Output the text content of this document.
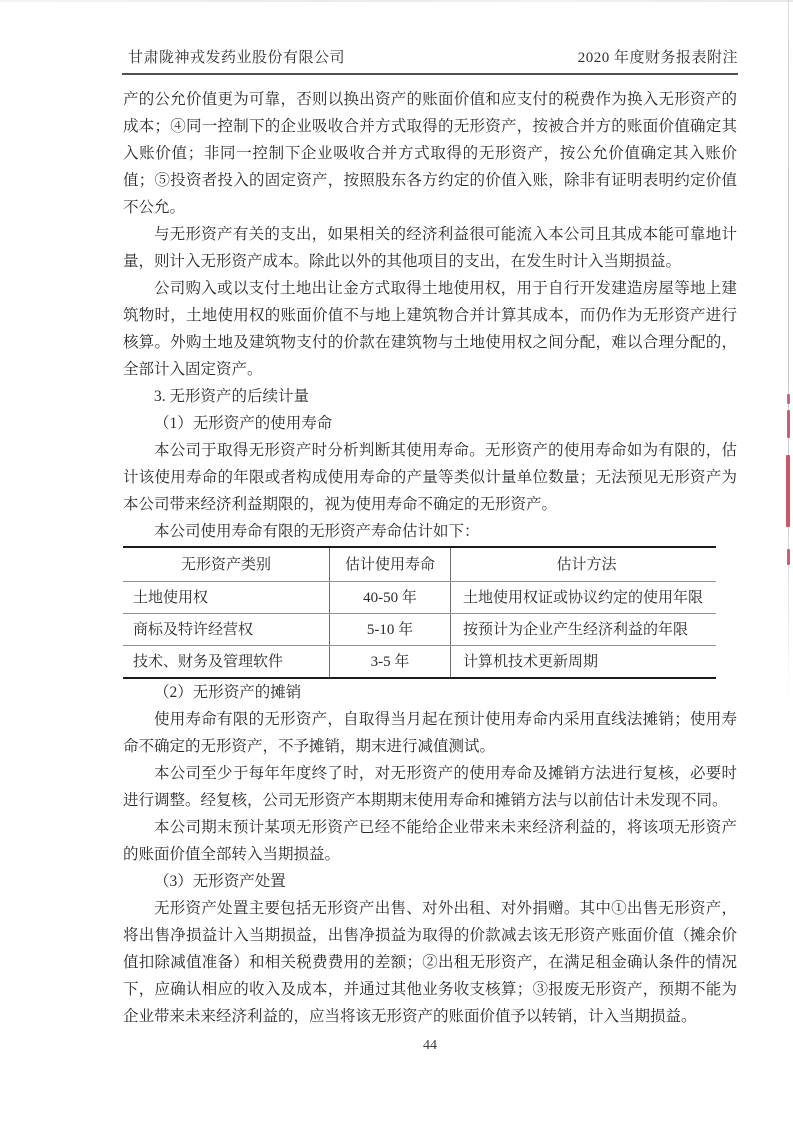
甘肃陇神戎发药业股份有限公司	2020 年度财务报表附注

产的公允价值更为可靠，否则以换出资产的账面价值和应支付的税费作为换入无形资产的成本；④同一控制下的企业吸收合并方式取得的无形资产，按被合并方的账面价值确定其入账价值；非同一控制下企业吸收合并方式取得的无形资产，按公允价值确定其入账价值；⑤投资者投入的固定资产，按照股东各方约定的价值入账，除非有证明表明约定价值不公允。

与无形资产有关的支出，如果相关的经济利益很可能流入本公司且其成本能可靠地计量，则计入无形资产成本。除此以外的其他项目的支出，在发生时计入当期损益。

公司购入或以支付土地出让金方式取得土地使用权，用于自行开发建造房屋等地上建筑物时，土地使用权的账面价值不与地上建筑物合并计算其成本，而仍作为无形资产进行核算。外购土地及建筑物支付的价款在建筑物与土地使用权之间分配，难以合理分配的，全部计入固定资产。

3. 无形资产的后续计量

（1）无形资产的使用寿命

本公司于取得无形资产时分析判断其使用寿命。无形资产的使用寿命如为有限的，估计该使用寿命的年限或者构成使用寿命的产量等类似计量单位数量；无法预见无形资产为本公司带来经济利益期限的，视为使用寿命不确定的无形资产。

本公司使用寿命有限的无形资产寿命估计如下：

无形资产类别	估计使用寿命	估计方法
土地使用权	40-50 年	土地使用权证或协议约定的使用年限
商标及特许经营权	5-10 年	按预计为企业产生经济利益的年限
技术、财务及管理软件	3-5 年	计算机技术更新周期

（2）无形资产的摊销

使用寿命有限的无形资产，自取得当月起在预计使用寿命内采用直线法摊销；使用寿命不确定的无形资产，不予摊销，期末进行减值测试。

本公司至少于每年年度终了时，对无形资产的使用寿命及摊销方法进行复核，必要时进行调整。经复核，公司无形资产本期期末使用寿命和摊销方法与以前估计未发现不同。

本公司期末预计某项无形资产已经不能给企业带来未来经济利益的，将该项无形资产的账面价值全部转入当期损益。

（3）无形资产处置

无形资产处置主要包括无形资产出售、对外出租、对外捐赠。其中①出售无形资产，将出售净损益计入当期损益，出售净损益为取得的价款减去该无形资产账面价值（摊余价值扣除减值准备）和相关税费费用的差额；②出租无形资产，在满足租金确认条件的情况下，应确认相应的收入及成本，并通过其他业务收支核算；③报废无形资产，预期不能为企业带来未来经济利益的，应当将该无形资产的账面价值予以转销，计入当期损益。

44
